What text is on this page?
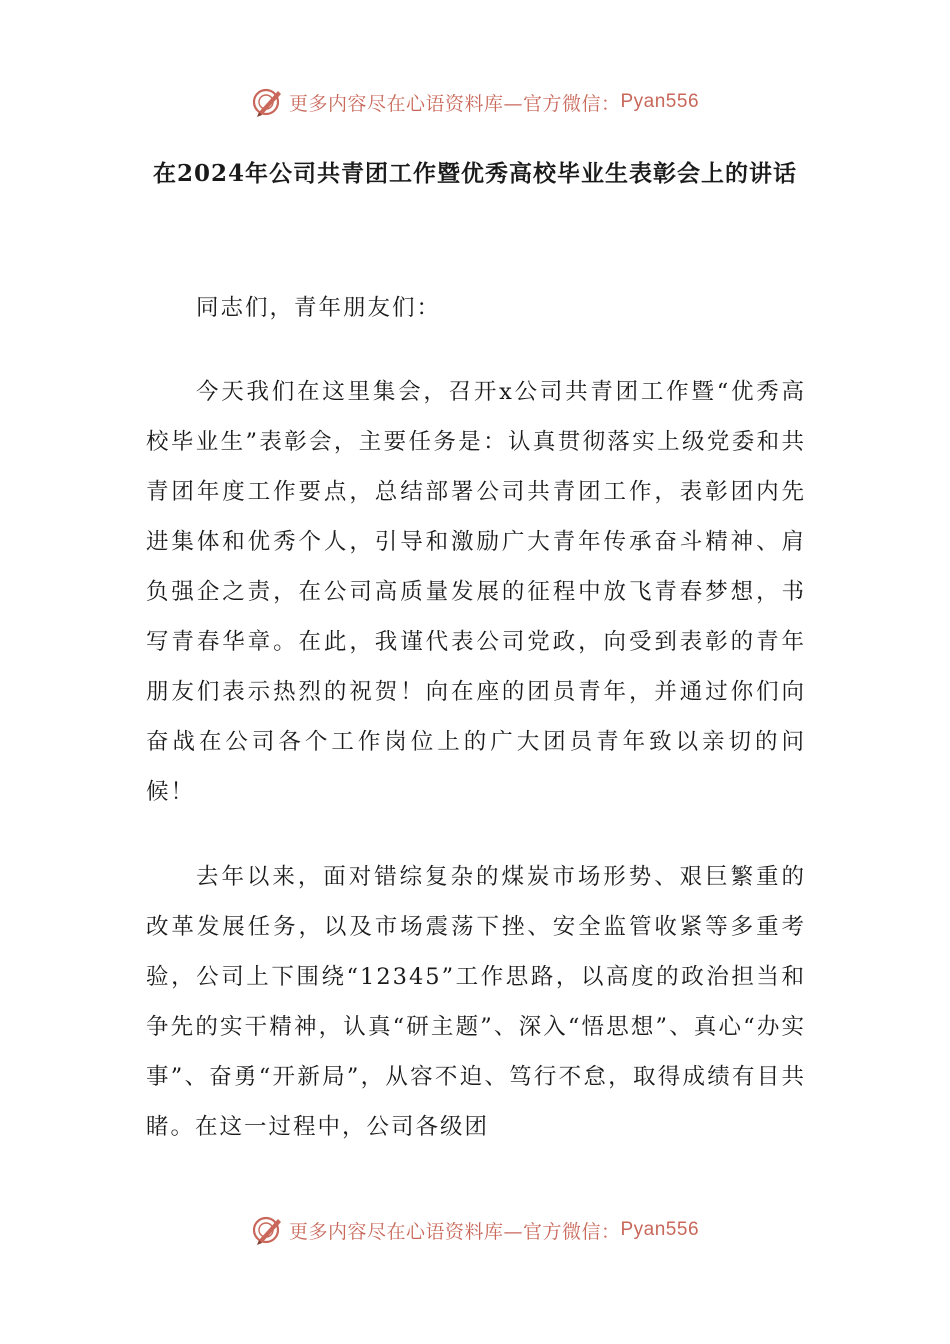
更多内容尽在心语资料库—官方微信： Pyan556
在2024年公司共青团工作暨优秀高校毕业生表彰会上的讲话
同志们，青年朋友们：
今天我们在这里集会，召开x公司共青团工作暨“优秀高校毕业生”表彰会，主要任务是：认真贯彻落实上级党委和共青团年度工作要点，总结部署公司共青团工作，表彰团内先进集体和优秀个人，引导和激励广大青年传承奋斗精神、肩负强企之责，在公司高质量发展的征程中放飞青春梦想，书写青春华章。在此，我谨代表公司党政，向受到表彰的青年朋友们表示热烈的祝贺！向在座的团员青年，并通过你们向奋战在公司各个工作岗位上的广大团员青年致以亲切的问候！
去年以来，面对错综复杂的煤炭市场形势、艰巨繁重的改革发展任务，以及市场震荡下挫、安全监管收紧等多重考验，公司上下围绕“12345”工作思路，以高度的政治担当和争先的实干精神，认真“研主题”、深入“悟思想”、真心“办实事”、奋勇“开新局”，从容不迫、笃行不怠，取得成绩有目共睹。在这一过程中，公司各级团
更多内容尽在心语资料库—官方微信： Pyan556
